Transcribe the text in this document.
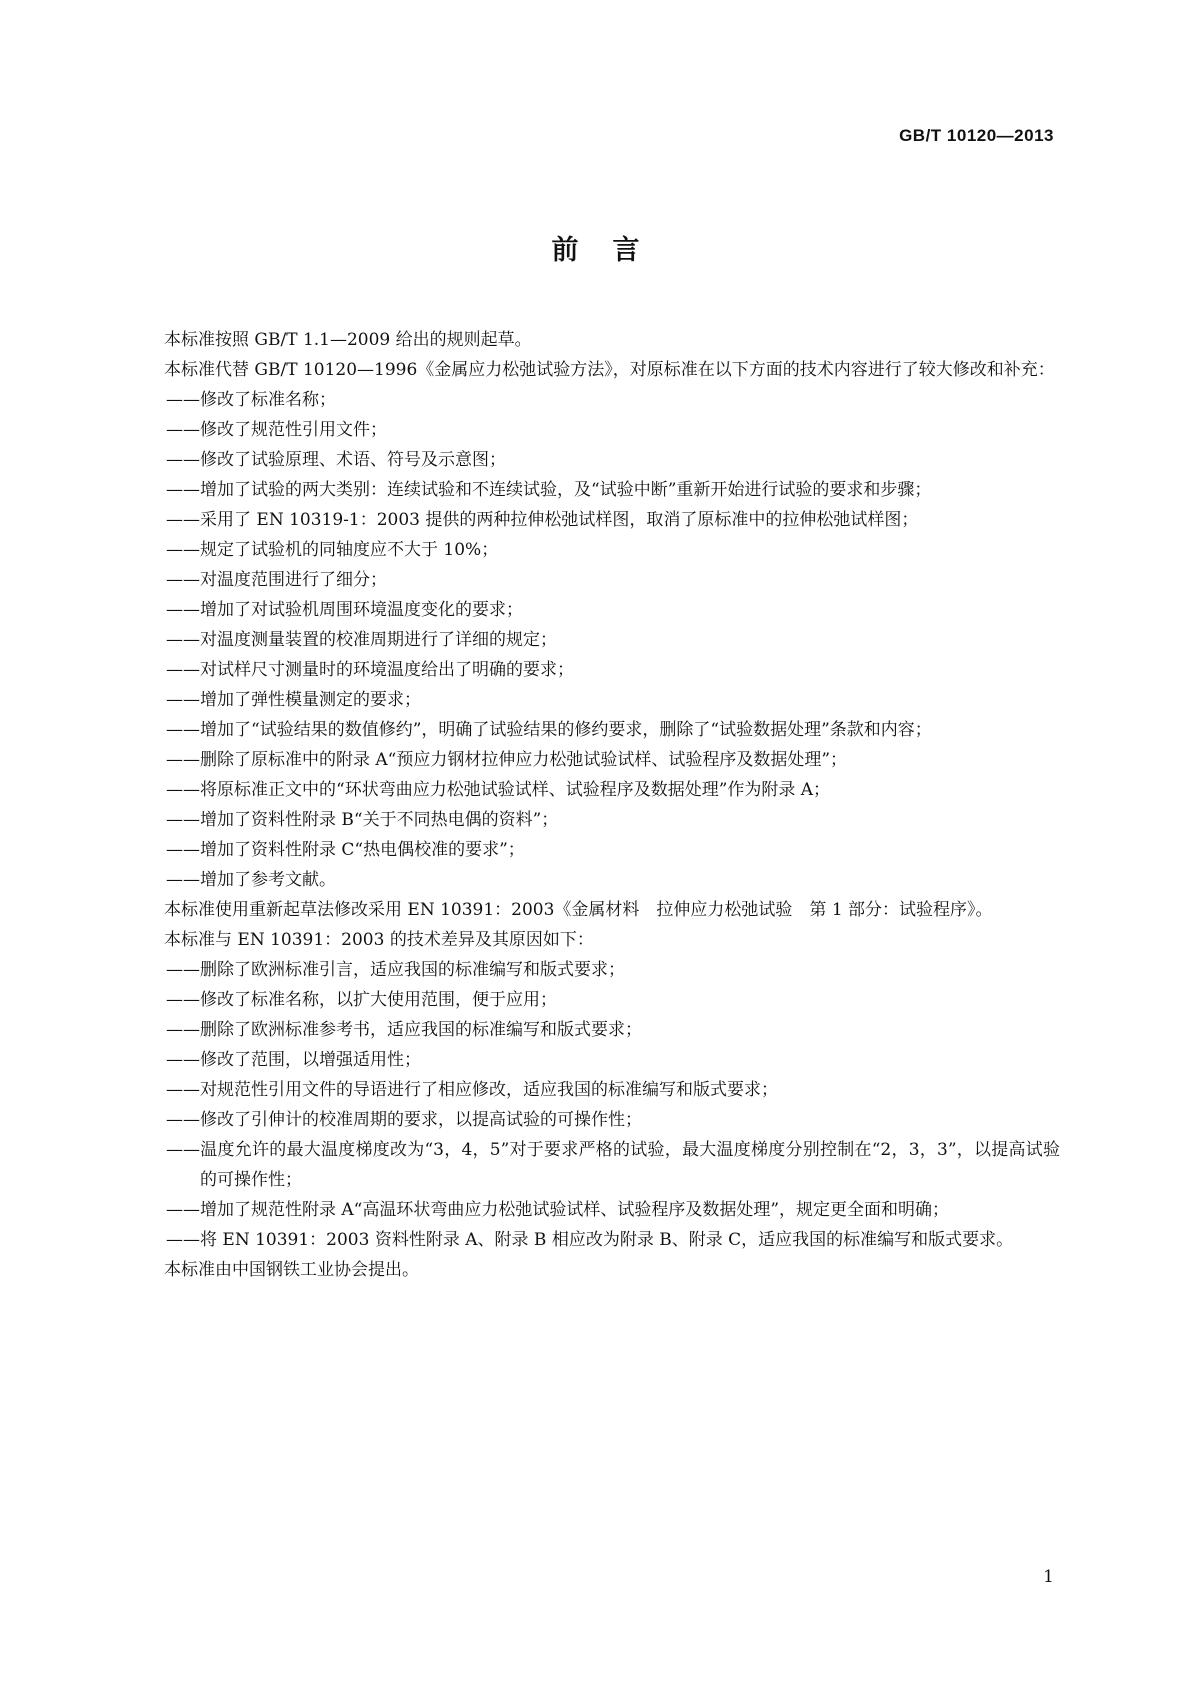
GB/T 10120—2013
前言

本标准按照 GB/T 1.1—2009 给出的规则起草。

本标准代替 GB/T 10120—1996《金属应力松弛试验方法》，对原标准在以下方面的技术内容进行了较大修改和补充：

——修改了标准名称；

——修改了规范性引用文件；

——修改了试验原理、术语、符号及示意图；

——增加了试验的两大类别：连续试验和不连续试验，及“试验中断”重新开始进行试验的要求和步骤；

——采用了 EN 10319-1：2003 提供的两种拉伸松弛试样图，取消了原标准中的拉伸松弛试样图；

——规定了试验机的同轴度应不大于 10%；

——对温度范围进行了细分；

——增加了对试验机周围环境温度变化的要求；

——对温度测量装置的校准周期进行了详细的规定；

——对试样尺寸测量时的环境温度给出了明确的要求；

——增加了弹性模量测定的要求；

——增加了“试验结果的数值修约”，明确了试验结果的修约要求，删除了“试验数据处理”条款和内容；

——删除了原标准中的附录 A“预应力钢材拉伸应力松弛试验试样、试验程序及数据处理”；

——将原标准正文中的“环状弯曲应力松弛试验试样、试验程序及数据处理”作为附录 A；

——增加了资料性附录 B“关于不同热电偶的资料”；

——增加了资料性附录 C“热电偶校准的要求”；

——增加了参考文献。

本标准使用重新起草法修改采用 EN 10391：2003《金属材料　拉伸应力松弛试验　第 1 部分：试验程序》。

本标准与 EN 10391：2003 的技术差异及其原因如下：

——删除了欧洲标准引言，适应我国的标准编写和版式要求；

——修改了标准名称，以扩大使用范围，便于应用；

——删除了欧洲标准参考书，适应我国的标准编写和版式要求；

——修改了范围，以增强适用性；

——对规范性引用文件的导语进行了相应修改，适应我国的标准编写和版式要求；

——修改了引伸计的校准周期的要求，以提高试验的可操作性；

——温度允许的最大温度梯度改为“3，4，5”对于要求严格的试验，最大温度梯度分别控制在“2，3，3”，以提高试验的可操作性；

——增加了规范性附录 A“高温环状弯曲应力松弛试验试样、试验程序及数据处理”，规定更全面和明确；

——将 EN 10391：2003 资料性附录 A、附录 B 相应改为附录 B、附录 C，适应我国的标准编写和版式要求。

本标准由中国钢铁工业协会提出。

1
